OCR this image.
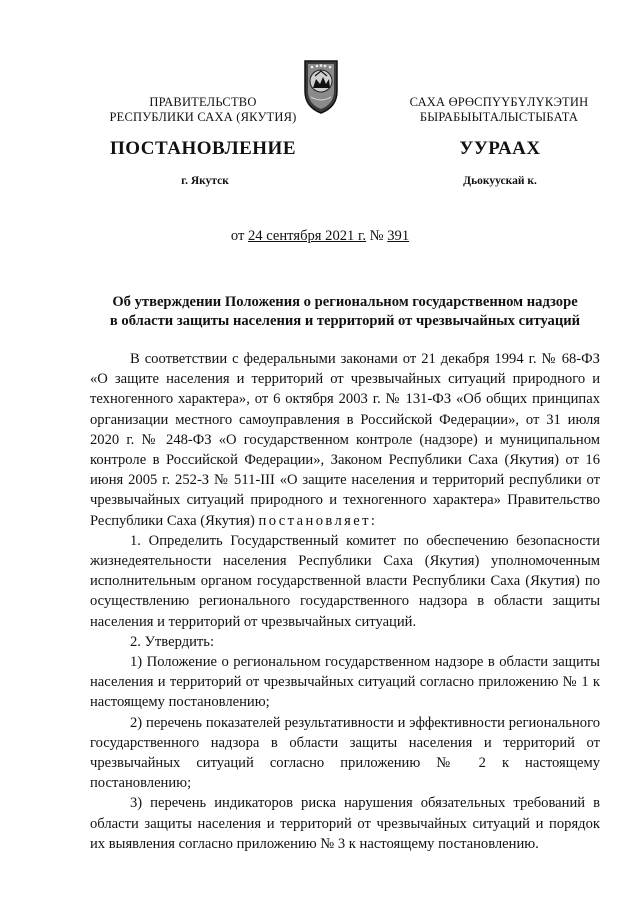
ПРАВИТЕЛЬСТВО
РЕСПУБЛИКИ САХА (ЯКУТИЯ)
ПОСТАНОВЛЕНИЕ
г. Якутск
САХА ӨРӨСПҮҮБҮЛҮКЭТИН
БЫРАБЫЫТАЛЫСТЫБАТА
УУРААХ
Дьокуускай к.
от 24 сентября 2021 г. № 391
Об утверждении Положения о региональном государственном надзоре
в области защиты населения и территорий от чрезвычайных ситуаций

В соответствии с федеральными законами от 21 декабря 1994 г. № 68-ФЗ «О защите населения и территорий от чрезвычайных ситуаций природного и техногенного характера», от 6 октября 2003 г. № 131-ФЗ «Об общих принципах организации местного самоуправления в Российской Федерации», от 31 июля 2020 г. № 248-ФЗ «О государственном контроле (надзоре) и муниципальном контроле в Российской Федерации», Законом Республики Саха (Якутия) от 16 июня 2005 г. 252-З № 511-III «О защите населения и территорий республики от чрезвычайных ситуаций природного и техногенного характера» Правительство Республики Саха (Якутия) постановляет:

1. Определить Государственный комитет по обеспечению безопасности жизнедеятельности населения Республики Саха (Якутия) уполномоченным исполнительным органом государственной власти Республики Саха (Якутия) по осуществлению регионального государственного надзора в области защиты населения и территорий от чрезвычайных ситуаций.

2. Утвердить:

1) Положение о региональном государственном надзоре в области защиты населения и территорий от чрезвычайных ситуаций согласно приложению № 1 к настоящему постановлению;

2) перечень показателей результативности и эффективности регионального государственного надзора в области защиты населения и территорий от чрезвычайных ситуаций согласно приложению № 2 к настоящему постановлению;

3) перечень индикаторов риска нарушения обязательных требований в области защиты населения и территорий от чрезвычайных ситуаций и порядок их выявления согласно приложению № 3 к настоящему постановлению.
